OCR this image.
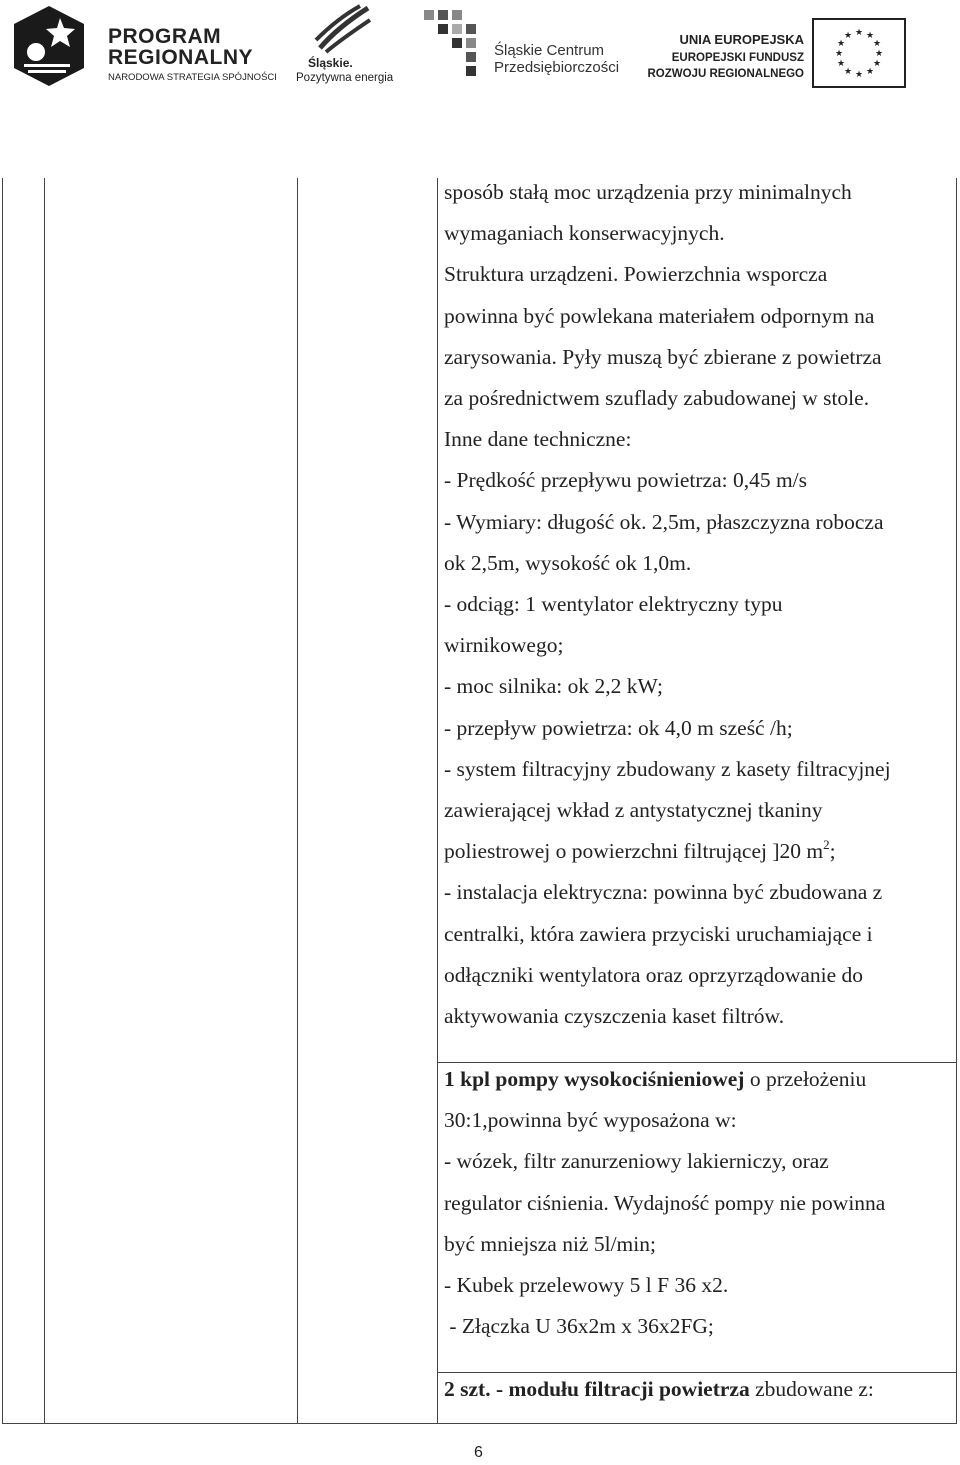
PROGRAM
REGIONALNY
NARODOWA STRATEGIA SPÓJNOŚCI
Śląskie.
Pozytywna energia
Śląskie Centrum
Przedsiębiorczości
UNIA EUROPEJSKA
EUROPEJSKI FUNDUSZ
ROZWOJU REGIONALNEGO
★ ★
★
★
★
★
★
★
★
★
★
★

sposób stałą moc urządzenia przy minimalnych

wymaganiach konserwacyjnych.

Struktura urządzeni. Powierzchnia wsporcza

powinna być powlekana materiałem odpornym na

zarysowania. Pyły muszą być zbierane z powietrza

za pośrednictwem szuflady zabudowanej w stole.

Inne dane techniczne:

- Prędkość przepływu powietrza: 0,45 m/s

- Wymiary: długość ok. 2,5m, płaszczyzna robocza

ok 2,5m, wysokość ok 1,0m.

- odciąg: 1 wentylator elektryczny typu

wirnikowego;

- moc silnika: ok 2,2 kW;

- przepływ powietrza: ok 4,0 m sześć /h;

- system filtracyjny zbudowany z kasety filtracyjnej

zawierającej wkład z antystatycznej tkaniny

poliestrowej o powierzchni filtrującej ]20 $m^2$;

- instalacja elektryczna: powinna być zbudowana z

centralki, która zawiera przyciski uruchamiające i

odłączniki wentylatora oraz oprzyrządowanie do

aktywowania czyszczenia kaset filtrów.

1 kpl pompy wysokociśnieniowej o przełożeniu

30:1,powinna być wyposażona w:

- wózek, filtr zanurzeniowy lakierniczy, oraz

regulator ciśnienia. Wydajność pompy nie powinna

być mniejsza niż 5l/min;

- Kubek przelewowy 5 l F 36 x2.

- Złączka U 36x2m x 36x2FG;

2 szt. - modułu filtracji powietrza zbudowane z:

6
